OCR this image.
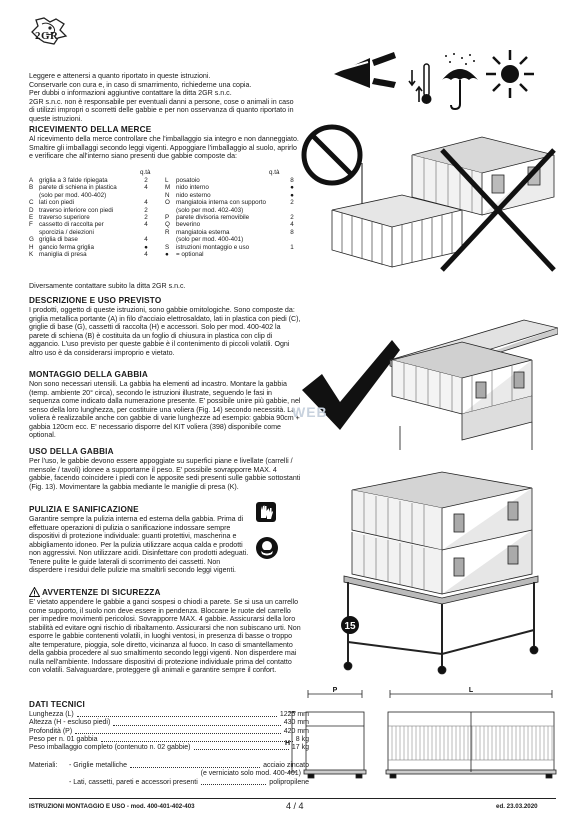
2GR

Leggere e attenersi a quanto riportato in queste istruzioni.

Conservarle con cura e, in caso di smarrimento, richiederne una copia.

Per dubbi o informazioni aggiuntive contattare la ditta 2GR s.n.c.

2GR s.n.c. non è responsabile per eventuali danni a persone, cose o animali in caso di utilizzi impropri o scorretti delle gabbie e per non osservanza di quanto riportato in queste istruzioni.

RICEVIMENTO DELLA MERCE
Al ricevimento della merce controllare che l'imballaggio sia integro e non danneggiato. Smaltire gli imballaggi secondo leggi vigenti. Appoggiare l'imballaggio al suolo, aprirlo e verificare che all'interno siano presenti due gabbie composte da:
q.tà	q.tà
A	griglia a 3 falde ripiegata	2		L	posatoio	8
B	parete di schiena in plastica	4		M	nido interno	●
	(solo per mod. 400-402)			N	nido esterno	●
C	lati con piedi	4		O	mangiatoia interna con supporto	2
D	traverso inferiore con piedi	2			(solo per mod. 402-403)	
E	traverso superiore	2		P	parete divisoria removibile	2
F	cassetto di raccolta per	4		Q	beverino	4
	sporcizia / deiezioni			R	mangiatoia esterna	8
G	griglia di base	4			(solo per mod. 400-401)	
H	gancio ferma griglia	●		S	istruzioni montaggio e uso	1
K	maniglia di presa	4		●	= optional	
Diversamente contattare subito la ditta 2GR s.n.c.
DESCRIZIONE E USO PREVISTO
I prodotti, oggetto di queste istruzioni, sono gabbie ornitologiche. Sono composte da: griglia metallica portante (A) in filo d'acciaio elettrosaldato, lati in plastica con piedi (C), griglie di base (G), cassetti di raccolta (H) e accessori. Solo per mod. 400-402 la parete di schiena (B) è costituita da un foglio di chiusura in plastica con clip di aggancio. L'uso previsto per queste gabbie è il contenimento di piccoli volatili. Ogni altro uso è da considerarsi improprio e vietato.
MONTAGGIO DELLA GABBIA
Non sono necessari utensili. La gabbia ha elementi ad incastro. Montare la gabbia (temp. ambiente 20° circa), secondo le istruzioni illustrate, seguendo le fasi in sequenza come indicato dalla numerazione presente. E' possibile unire più gabbie, nel senso della loro lunghezza, per costituire una voliera (Fig. 14) secondo necessità. La voliera è realizzabile anche con gabbie di varie lunghezze ad esempio: gabbia 90cm + gabbia 120cm ecc. E' necessario disporre del KIT voliera (398) disponibile come optional.
USO DELLA GABBIA
Per l'uso, le gabbie devono essere appoggiate su superfici piane e livellate (carrelli / mensole / tavoli) idonee a supportarne il peso. E' possibile sovrapporre MAX. 4 gabbie, facendo coincidere i piedi con le apposite sedi presenti sulle gabbie sottostanti (Fig. 13). Movimentare la gabbia mediante le maniglie di presa (K).
PULIZIA E SANIFICAZIONE
Garantire sempre la pulizia interna ed esterna della gabbia. Prima di effettuare operazioni di pulizia o sanificazione indossare sempre dispositivi di protezione individuale: guanti protettivi, mascherina e abbigliamento idoneo. Per la pulizia utilizzare acqua calda e prodotti non aggressivi. Non utilizzare acidi. Disinfettare con prodotti adeguati. Tenere pulite le guide laterali di scorrimento dei cassetti. Non disperdere i residui delle pulizie ma smaltirli secondo leggi vigenti.
AVVERTENZE DI SICUREZZA
E' vietato appendere le gabbie a ganci sospesi o chiodi a parete. Se si usa un carrello come supporto, il suolo non deve essere in pendenza. Bloccare le ruote del carrello per impedire movimenti pericolosi. Sovrapporre MAX. 4 gabbie. Assicurarsi della loro stabilità ed evitare ogni rischio di ribaltamento. Assicurarsi che non subiscano urti. Non esporre le gabbie contenenti volatili, in luoghi ventosi, in presenza di basse o troppo alte temperature, pioggia, sole diretto, vicinanza al fuoco. In caso di smantellamento della gabbia procedere al suo smaltimento secondo leggi vigenti. Non disperdere mai nulla nell'ambiente. Indossare dispositivi di protezione individuale prima del contatto con volatili. Salvaguardare, proteggere gli animali e garantire sempre il confort.
DATI TECNICI
Lunghezza (L)	1225 mm
Altezza (H - escluso piedi)	430 mm
Profondità (P)	420 mm
Peso per n. 01 gabbia	8 kg
Peso imballaggio completo (contenuto n. 02 gabbie)	17 kg
Materiali:	- Griglie metalliche	acciaio zincato
(e verniciato solo mod. 400-401)
- Lati, cassetti, pareti e accessori presenti	polipropilene
WEB
15
P	L
H
ISTRUZIONI MONTAGGIO E USO - mod. 400-401-402-403	4 / 4	ed. 23.03.2020
